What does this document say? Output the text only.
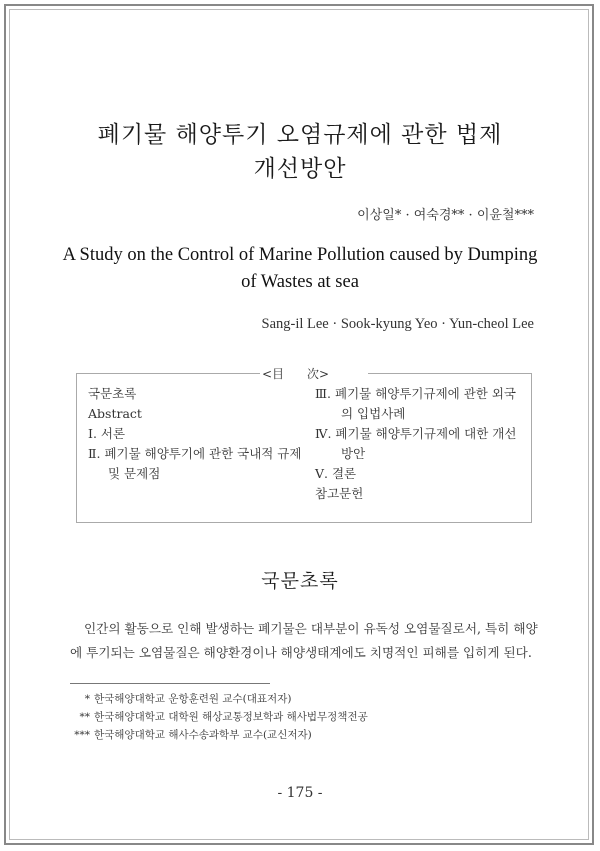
폐기물 해양투기 오염규제에 관한 법제
개선방안
이상일* · 여숙경** · 이윤철***
A Study on the Control of Marine Pollution caused by Dumping
of Wastes at sea
Sang-il Lee · Sook-kyung Yeo · Yun-cheol Lee
<目      次>
국문초록
Abstract
Ⅰ. 서론
Ⅱ. 폐기물 해양투기에 관한 국내적 규제
및 문제점
Ⅲ. 폐기물 해양투기규제에 관한 외국
의 입법사례
Ⅳ. 폐기물 해양투기규제에 대한 개선
방안
Ⅴ. 결론
참고문헌
국문초록
인간의 활동으로 인해 발생하는 폐기물은 대부분이 유독성 오염물질로서, 특히 해양
에 투기되는 오염물질은 해양환경이나 해양생태계에도 치명적인 피해를 입히게 된다.
* 한국해양대학교 운항훈련원 교수(대표저자)
** 한국해양대학교 대학원 해상교통정보학과 해사법무정책전공
*** 한국해양대학교 해사수송과학부 교수(교신저자)
- 175 -
